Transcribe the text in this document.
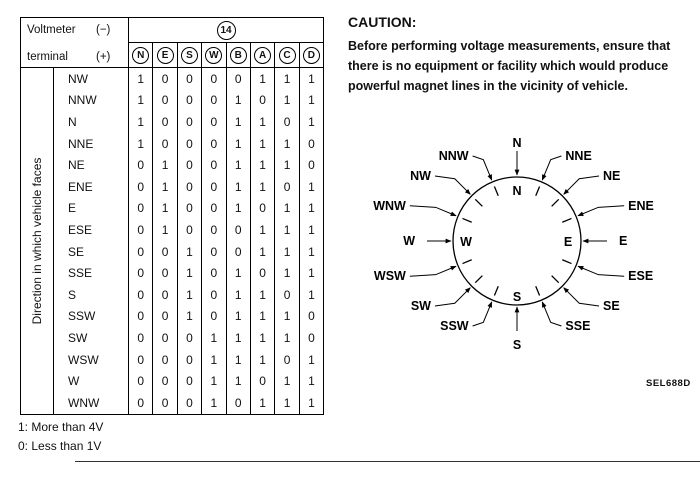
Voltmeter (−)
terminal (+)		14							
		N	E	S	W	B	A	C	D

Direction in which vehicle faces	NW	1	0	0	0	0	1	1	1
	NNW	1	0	0	0	1	0	1	1
	N	1	0	0	0	1	1	0	1
	NNE	1	0	0	0	1	1	1	0
	NE	0	1	0	0	1	1	1	0
	ENE	0	1	0	0	1	1	0	1
	E	0	1	0	0	1	0	1	1
	ESE	0	1	0	0	0	1	1	1
	SE	0	0	1	0	0	1	1	1
	SSE	0	0	1	0	1	0	1	1
	S	0	0	1	0	1	1	0	1
	SSW	0	0	1	0	1	1	1	0
	SW	0	0	0	1	1	1	1	0
	WSW	0	0	0	1	1	1	0	1
	W	0	0	0	1	1	0	1	1
	WNW	0	0	0	1	0	1	1	1
CAUTION:
Before performing voltage measurements, ensure that there is no equipment or facility which would produce powerful magnet lines in the vicinity of vehicle.
N
NNE
NE
ENE
E
ESE
SE
SSE
S
SSW
SW
WSW
W
WNW
NW
NNW
N
E
S
W
SEL688D
1: More than 4V
0: Less than 1V
